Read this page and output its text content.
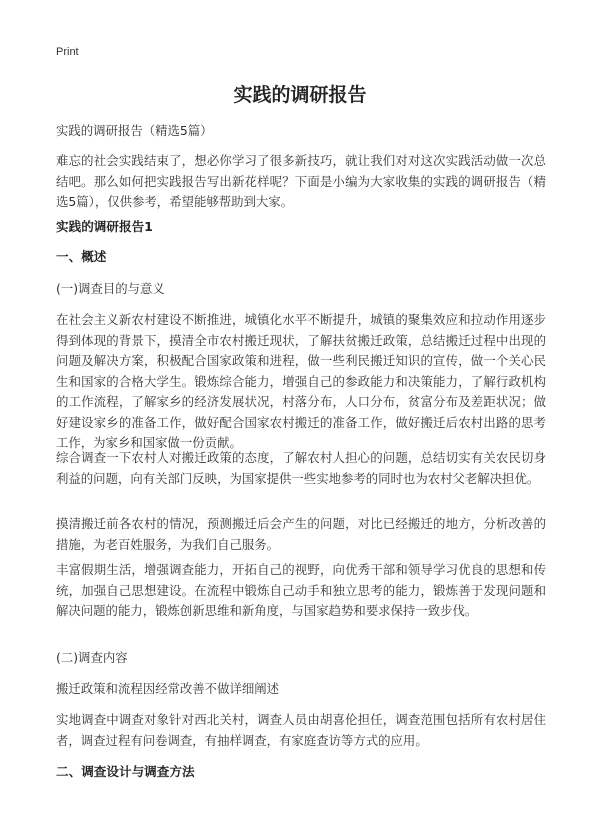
Print
实践的调研报告

实践的调研报告（精选5篇）

难忘的社会实践结束了，想必你学习了很多新技巧，就让我们对对这次实践活动做一次总结吧。那么如何把实践报告写出新花样呢？下面是小编为大家收集的实践的调研报告（精选5篇），仅供参考，希望能够帮助到大家。

实践的调研报告1

一、概述

(一)调查目的与意义

在社会主义新农村建设不断推进，城镇化水平不断提升，城镇的聚集效应和拉动作用逐步得到体现的背景下，摸清全市农村搬迁现状，了解扶贫搬迁政策，总结搬迁过程中出现的问题及解决方案，积极配合国家政策和进程，做一些利民搬迁知识的宣传，做一个关心民生和国家的合格大学生。锻炼综合能力，增强自己的参政能力和决策能力，了解行政机构的工作流程，了解家乡的经济发展状况，村落分布，人口分布，贫富分布及差距状况；做好建设家乡的准备工作，做好配合国家农村搬迁的准备工作，做好搬迁后农村出路的思考工作，为家乡和国家做一份贡献。

综合调查一下农村人对搬迁政策的态度，了解农村人担心的问题，总结切实有关农民切身利益的问题，向有关部门反映，为国家提供一些实地参考的同时也为农村父老解决担优。

摸清搬迁前各农村的情况，预测搬迁后会产生的问题，对比已经搬迁的地方，分析改善的措施，为老百姓服务，为我们自己服务。

丰富假期生活，增强调查能力，开拓自己的视野，向优秀干部和领导学习优良的思想和传统，加强自己思想建设。在流程中锻炼自己动手和独立思考的能力，锻炼善于发现问题和解决问题的能力，锻炼创新思维和新角度，与国家趋势和要求保持一致步伐。

(二)调查内容

搬迁政策和流程因经常改善不做详细阐述

实地调查中调查对象针对西北关村，调查人员由胡喜伦担任，调查范围包括所有农村居住者，调查过程有问卷调查，有抽样调查，有家庭查访等方式的应用。

二、调查设计与调查方法
